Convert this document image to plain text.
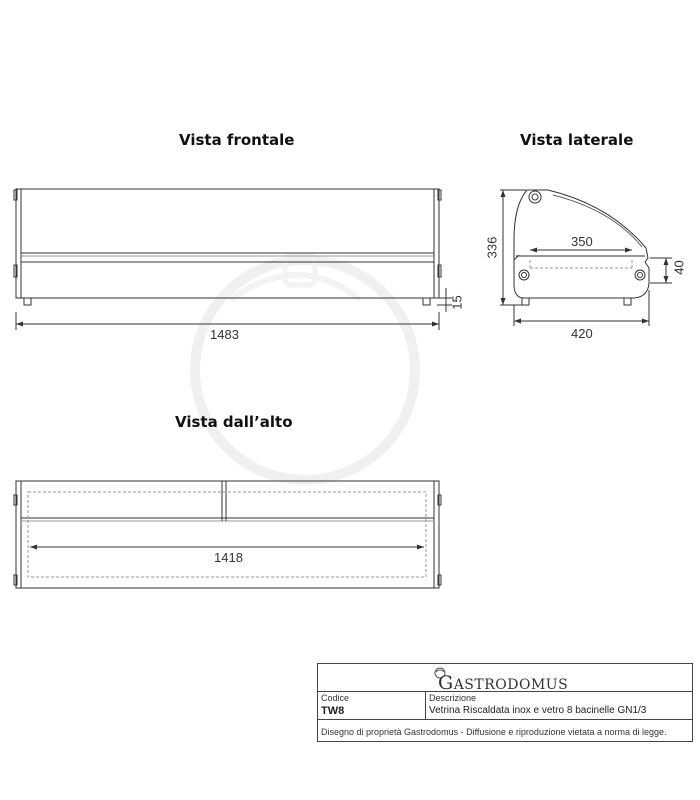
Vista frontale	Vista laterale
Vista dall’alto
1483
15
350
336
420
40
1418
GASTRODOMUS
Codice
TW8
Descrizione
Vetrina Riscaldata inox e vetro 8 bacinelle GN1/3
Disegno di proprietà Gastrodomus - Diffusione e riproduzione vietata a norma di legge.
